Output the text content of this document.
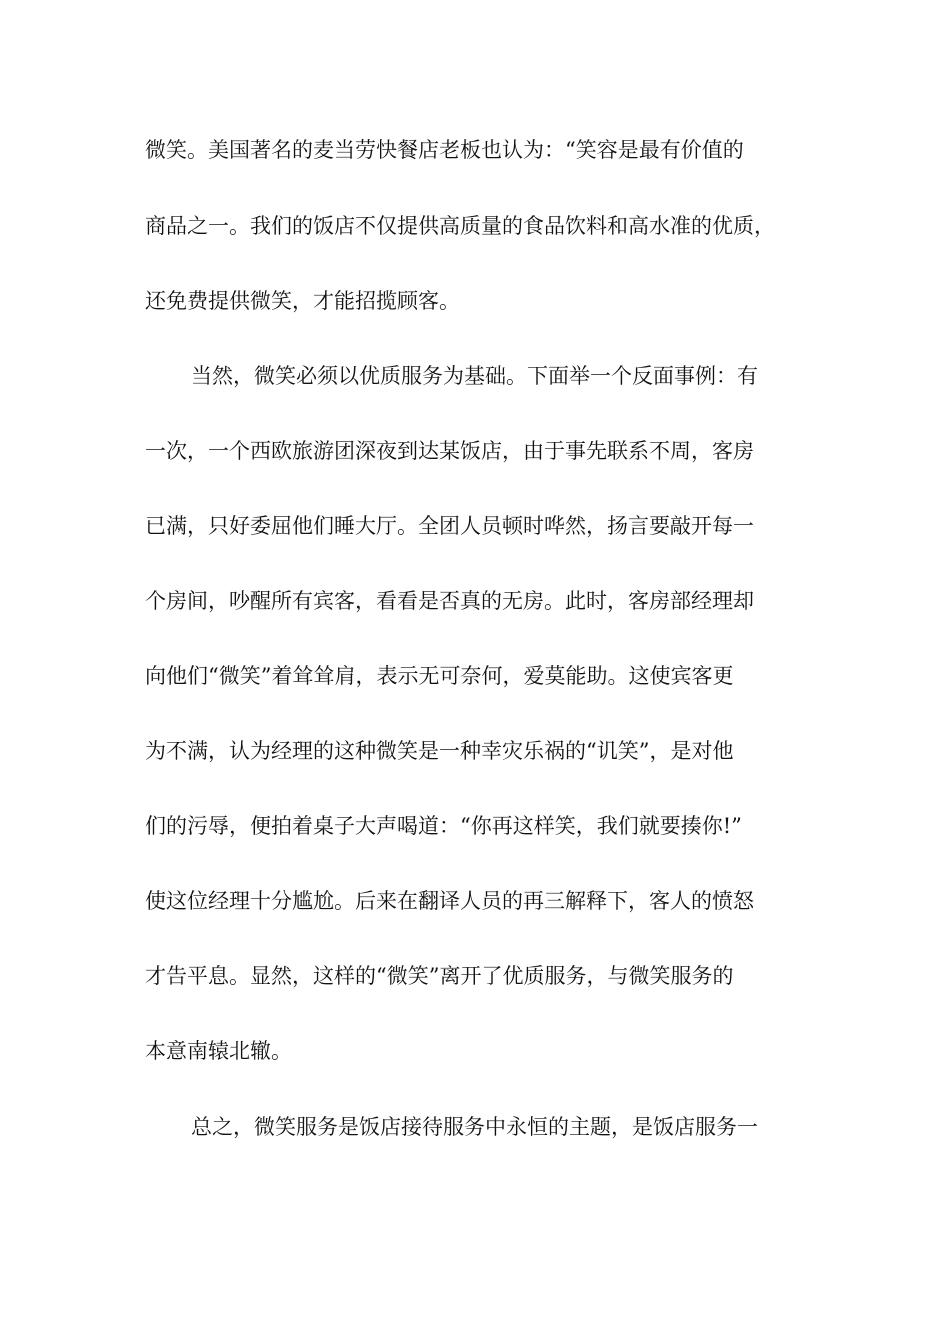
微笑。美国著名的麦当劳快餐店老板也认为：“笑容是最有价值的
商品之一。我们的饭店不仅提供高质量的食品饮料和高水准的优质，
还免费提供微笑，才能招揽顾客。
当然，微笑必须以优质服务为基础。下面举一个反面事例：有
一次，一个西欧旅游团深夜到达某饭店，由于事先联系不周，客房
已满，只好委屈他们睡大厅。全团人员顿时哗然，扬言要敲开每一
个房间，吵醒所有宾客，看看是否真的无房。此时，客房部经理却
向他们“微笑”着耸耸肩，表示无可奈何，爱莫能助。这使宾客更
为不满，认为经理的这种微笑是一种幸灾乐祸的“讥笑”，是对他
们的污辱，便拍着桌子大声喝道：“你再这样笑，我们就要揍你!”
使这位经理十分尴尬。后来在翻译人员的再三解释下，客人的愤怒
才告平息。显然，这样的“微笑”离开了优质服务，与微笑服务的
本意南辕北辙。
总之，微笑服务是饭店接待服务中永恒的主题，是饭店服务一
